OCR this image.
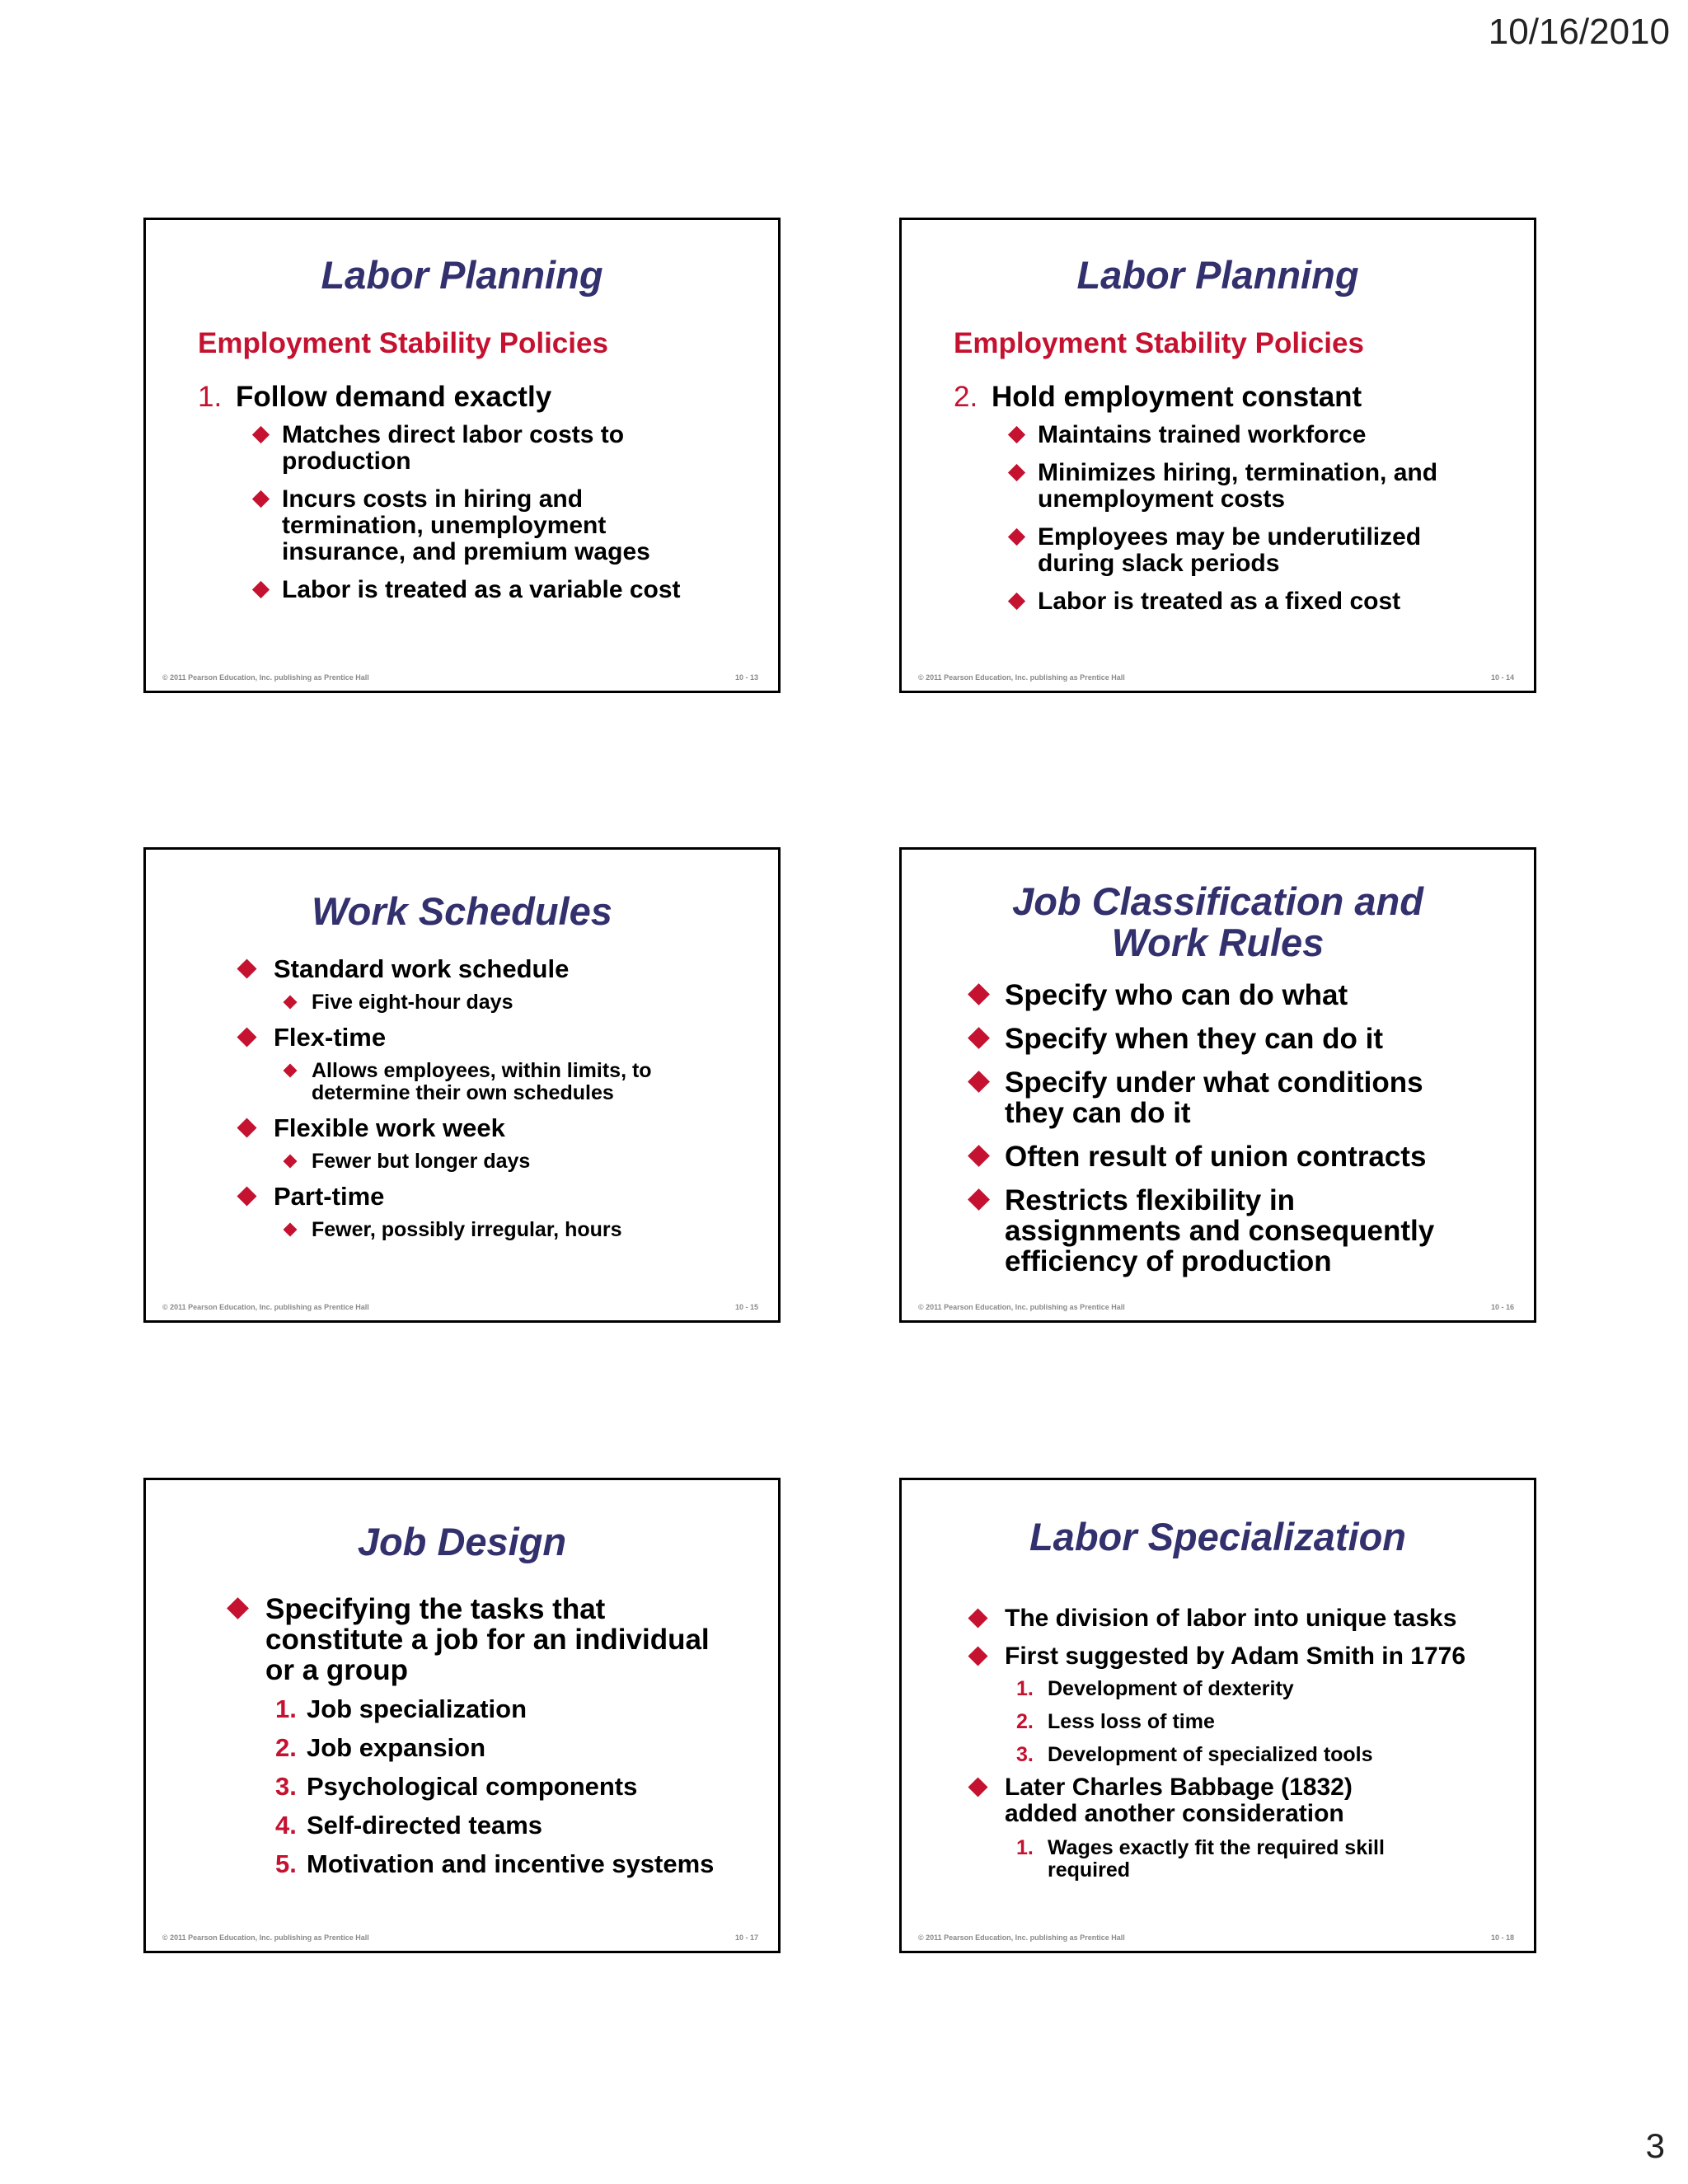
10/16/2010
Labor Planning
Employment Stability Policies
1. Follow demand exactly
Matches direct labor costs to production
Incurs costs in hiring and termination, unemployment insurance, and premium wages
Labor is treated as a variable cost
© 2011 Pearson Education, Inc. publishing as Prentice Hall	10 - 13
Labor Planning
Employment Stability Policies
2. Hold employment constant
Maintains trained workforce
Minimizes hiring, termination, and unemployment costs
Employees may be underutilized during slack periods
Labor is treated as a fixed cost
© 2011 Pearson Education, Inc. publishing as Prentice Hall	10 - 14
Work Schedules
Standard work schedule
Five eight-hour days
Flex-time
Allows employees, within limits, to determine their own schedules
Flexible work week
Fewer but longer days
Part-time
Fewer, possibly irregular, hours
© 2011 Pearson Education, Inc. publishing as Prentice Hall	10 - 15
Job Classification and
Work Rules
Specify who can do what
Specify when they can do it
Specify under what conditions they can do it
Often result of union contracts
Restricts flexibility in assignments and consequently efficiency of production
© 2011 Pearson Education, Inc. publishing as Prentice Hall	10 - 16
Job Design
Specifying the tasks that constitute a job for an individual or a group
1. Job specialization
2. Job expansion
3. Psychological components
4. Self-directed teams
5. Motivation and incentive systems
© 2011 Pearson Education, Inc. publishing as Prentice Hall	10 - 17
Labor Specialization
The division of labor into unique tasks
First suggested by Adam Smith in 1776
1. Development of dexterity
2. Less loss of time
3. Development of specialized tools
Later Charles Babbage (1832) added another consideration
1. Wages exactly fit the required skill required
© 2011 Pearson Education, Inc. publishing as Prentice Hall	10 - 18
3
